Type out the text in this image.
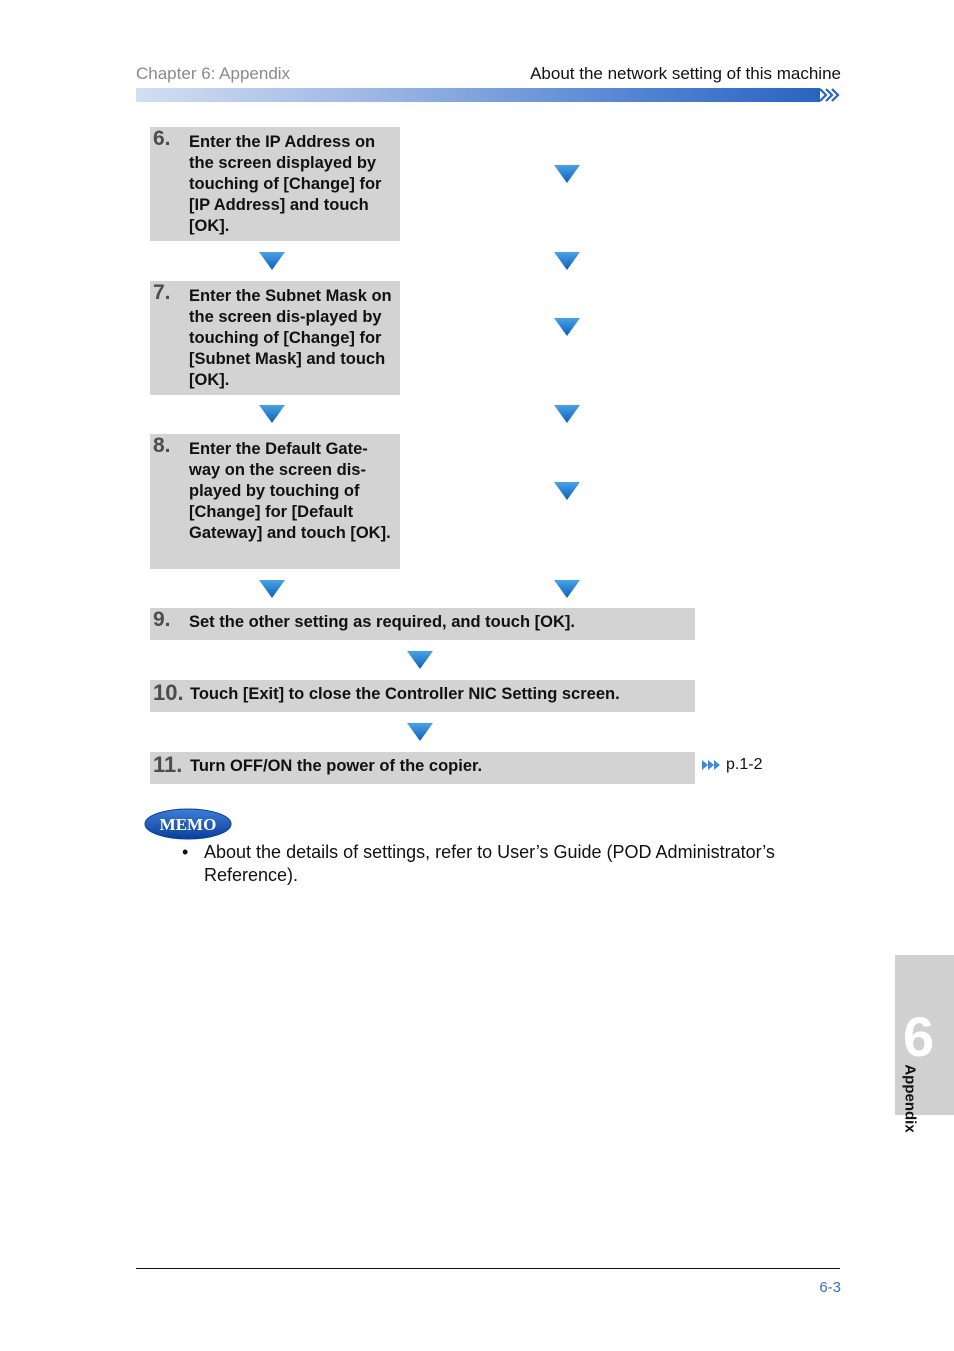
Chapter 6: Appendix	About the network setting of this machine
6. Enter the IP Address on the screen displayed by touching of [Change] for [IP Address] and touch [OK].
7. Enter the Subnet Mask on the screen dis-played by touching of [Change] for [Subnet Mask] and touch [OK].
8. Enter the Default Gate-way on the screen dis-played by touching of [Change] for [Default Gateway] and touch [OK].
9. Set the other setting as required, and touch [OK].
10. Touch [Exit] to close the Controller NIC Setting screen.
11. Turn OFF/ON the power of the copier.	p.1-2
MEMO
• About the details of settings, refer to User’s Guide (POD Administrator’s Reference).
6
Appendix
6-3
